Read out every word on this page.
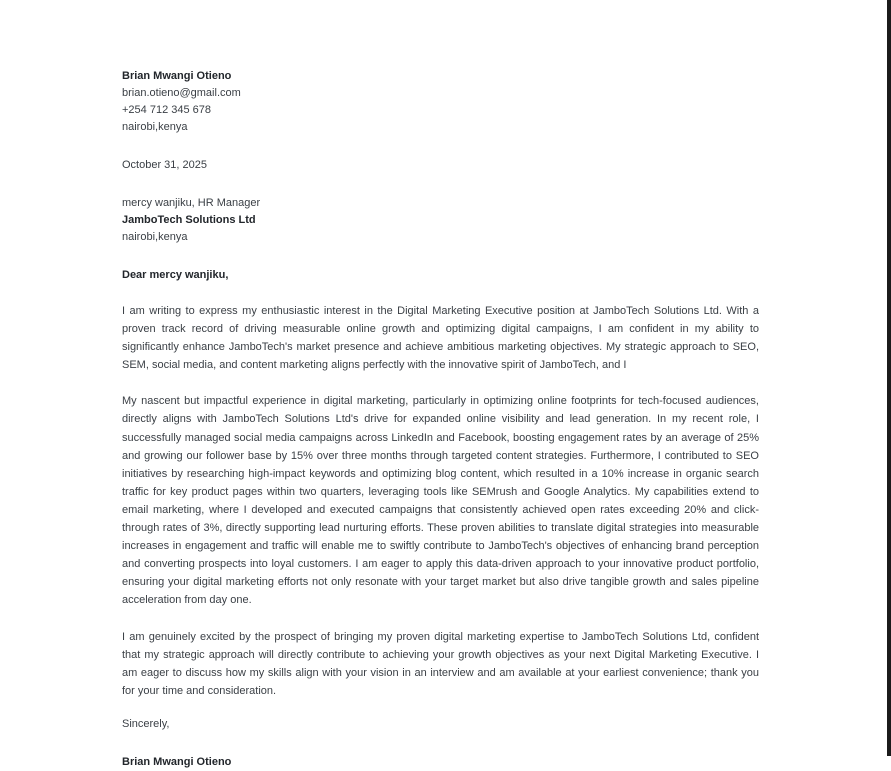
Brian Mwangi Otieno
brian.otieno@gmail.com
+254 712 345 678
nairobi,kenya
October 31, 2025
mercy wanjiku, HR Manager
JamboTech Solutions Ltd
nairobi,kenya
Dear mercy wanjiku,

I am writing to express my enthusiastic interest in the Digital Marketing Executive position at JamboTech Solutions Ltd. With a proven track record of driving measurable online growth and optimizing digital campaigns, I am confident in my ability to significantly enhance JamboTech's market presence and achieve ambitious marketing objectives. My strategic approach to SEO, SEM, social media, and content marketing aligns perfectly with the innovative spirit of JamboTech, and I

My nascent but impactful experience in digital marketing, particularly in optimizing online footprints for tech-focused audiences, directly aligns with JamboTech Solutions Ltd's drive for expanded online visibility and lead generation. In my recent role, I successfully managed social media campaigns across LinkedIn and Facebook, boosting engagement rates by an average of 25% and growing our follower base by 15% over three months through targeted content strategies. Furthermore, I contributed to SEO initiatives by researching high-impact keywords and optimizing blog content, which resulted in a 10% increase in organic search traffic for key product pages within two quarters, leveraging tools like SEMrush and Google Analytics. My capabilities extend to email marketing, where I developed and executed campaigns that consistently achieved open rates exceeding 20% and click-through rates of 3%, directly supporting lead nurturing efforts. These proven abilities to translate digital strategies into measurable increases in engagement and traffic will enable me to swiftly contribute to JamboTech's objectives of enhancing brand perception and converting prospects into loyal customers. I am eager to apply this data-driven approach to your innovative product portfolio, ensuring your digital marketing efforts not only resonate with your target market but also drive tangible growth and sales pipeline acceleration from day one.

I am genuinely excited by the prospect of bringing my proven digital marketing expertise to JamboTech Solutions Ltd, confident that my strategic approach will directly contribute to achieving your growth objectives as your next Digital Marketing Executive. I am eager to discuss how my skills align with your vision in an interview and am available at your earliest convenience; thank you for your time and consideration.

Sincerely,
Brian Mwangi Otieno
